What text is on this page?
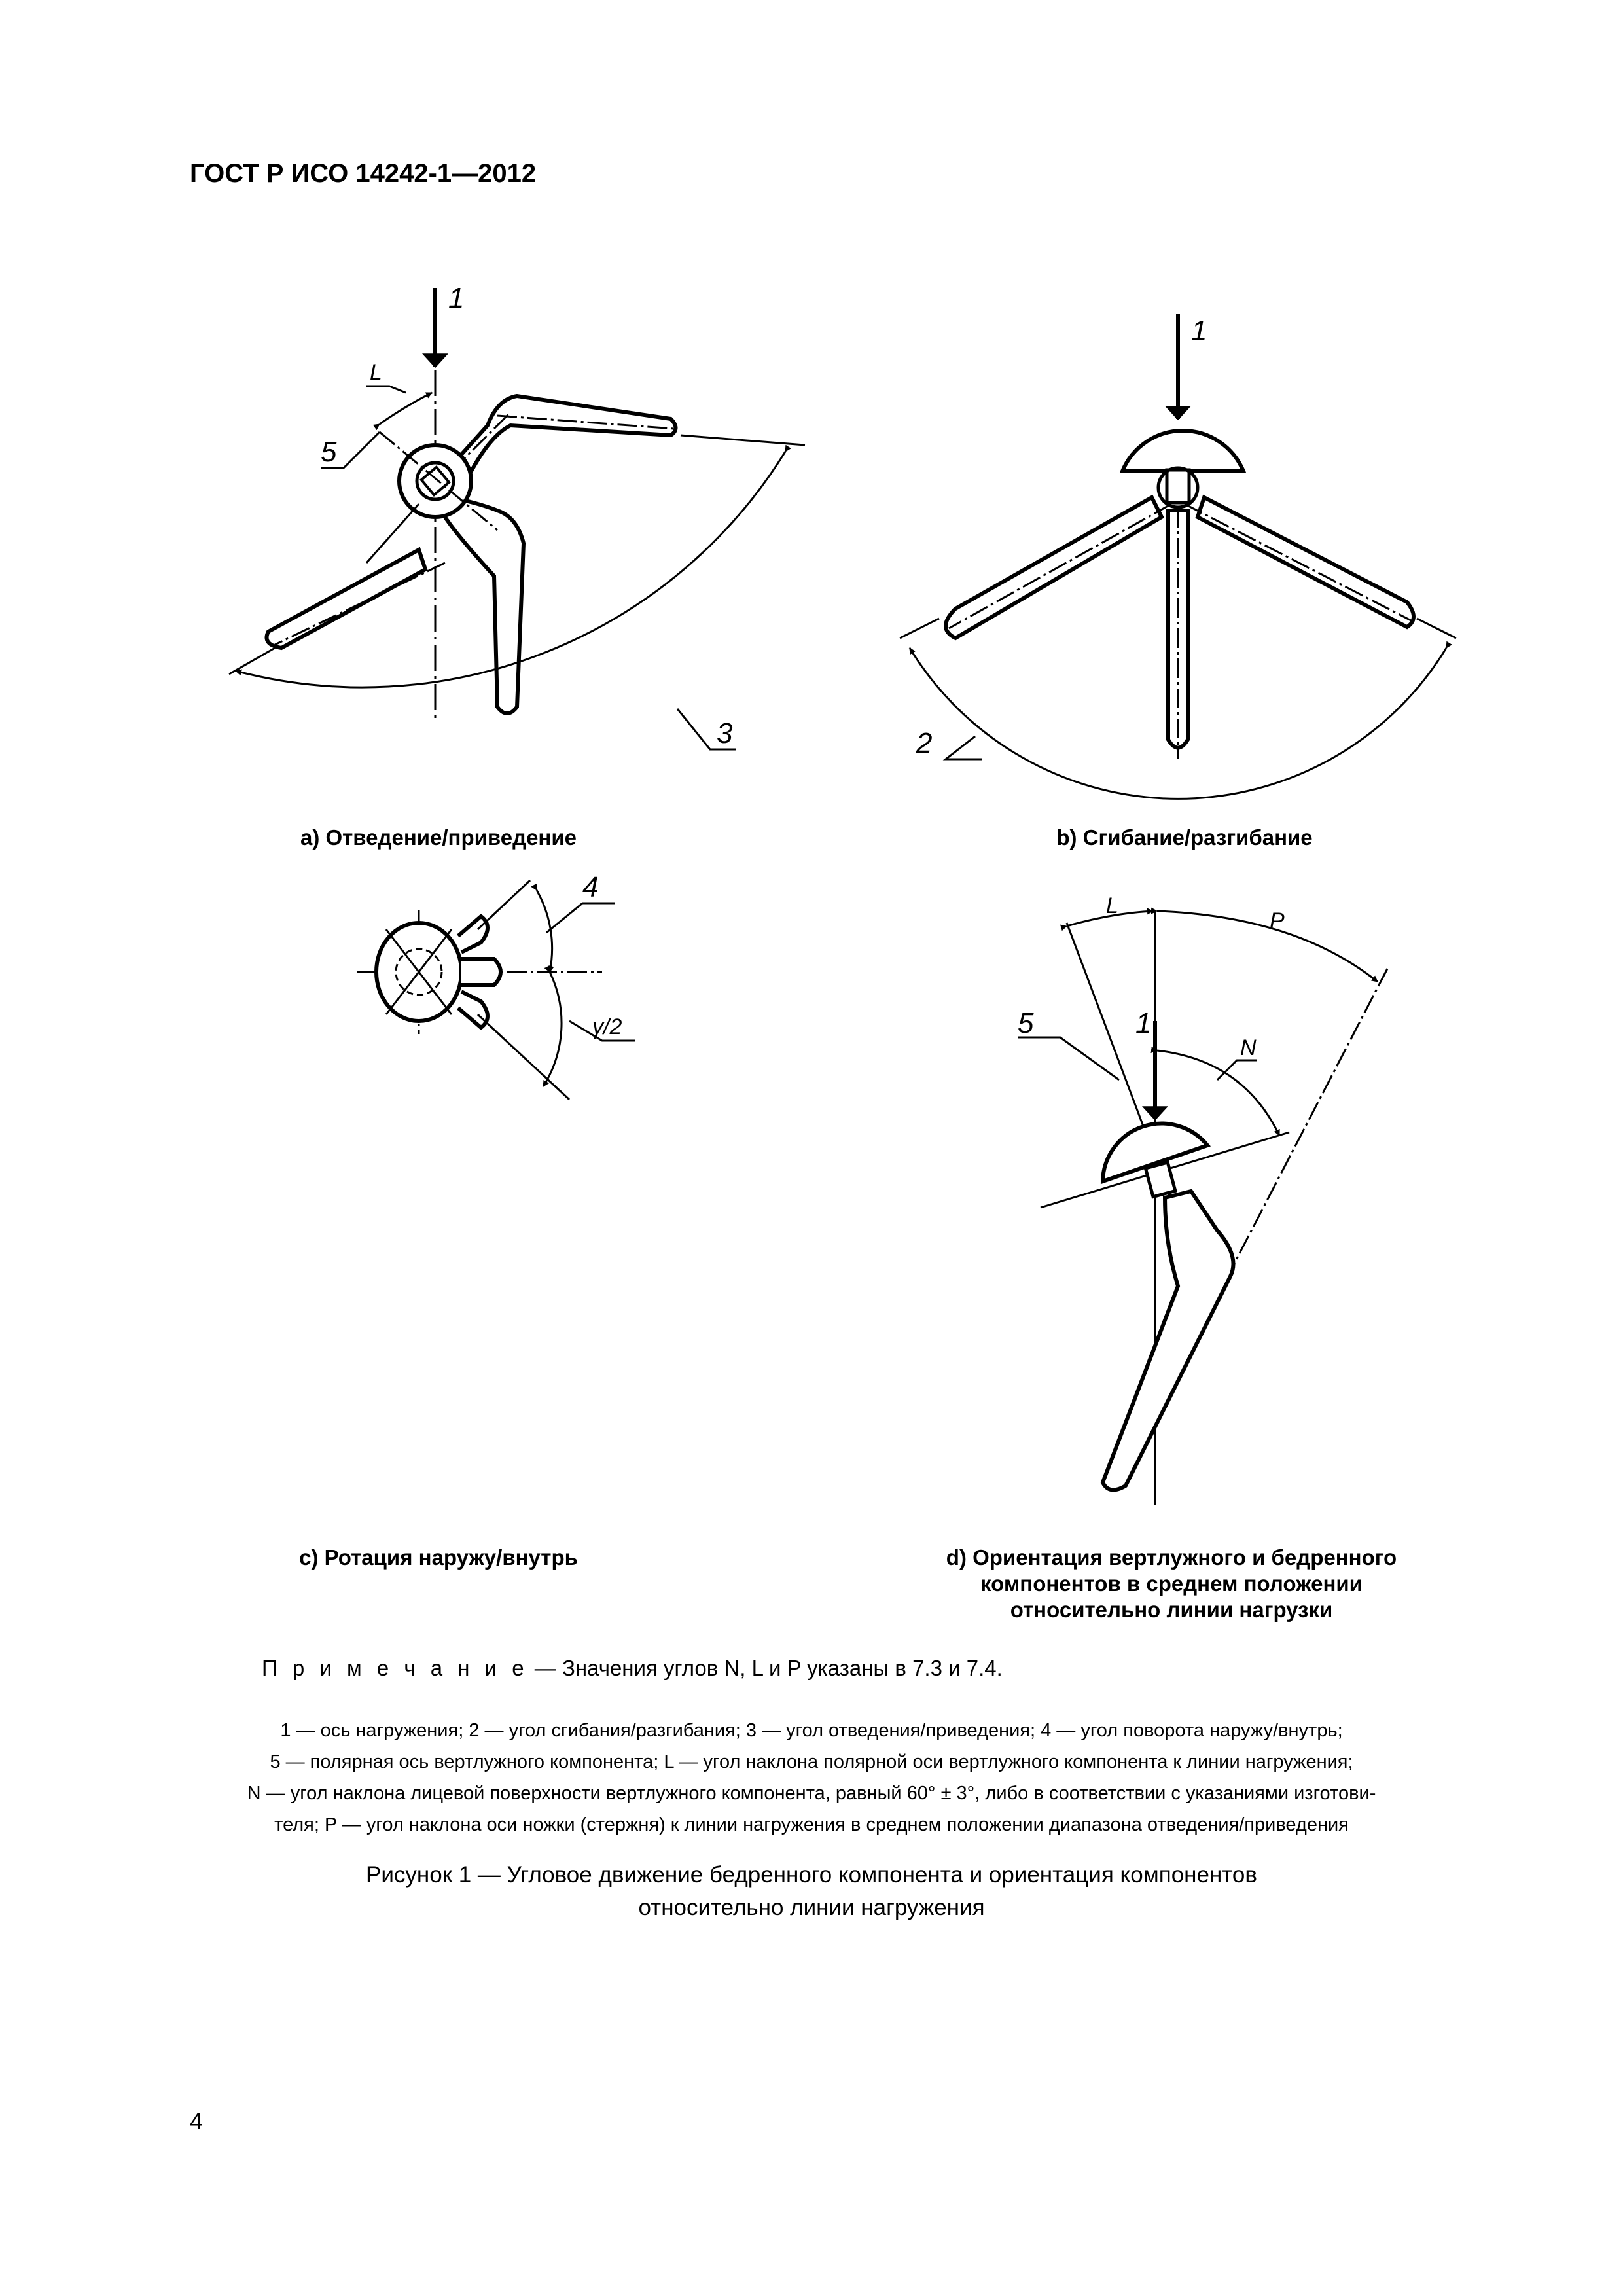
ГОСТ Р ИСО 14242-1—2012
1
L
5
3
1
2
4
γ/2
L
P
5	1
N
a) Отведение/приведение	b) Сгибание/разгибание
c) Ротация наружу/внутрь	d) Ориентация вертлужного и бедренного
компонентов в среднем положении
относительно линии нагрузки
П р и м е ч а н и е — Значения углов N, L и P указаны в 7.3 и 7.4.
1 — ось нагружения; 2 — угол сгибания/разгибания; 3 — угол отведения/приведения; 4 — угол поворота наружу/внутрь;
5 — полярная ось вертлужного компонента; L — угол наклона полярной оси вертлужного компонента к линии нагружения;
N — угол наклона лицевой поверхности вертлужного компонента, равный 60° ± 3°, либо в соответствии с указаниями изготови-
теля; P — угол наклона оси ножки (стержня) к линии нагружения в среднем положении диапазона отведения/приведения
Рисунок 1 — Угловое движение бедренного компонента и ориентация компонентов
относительно линии нагружения
4
